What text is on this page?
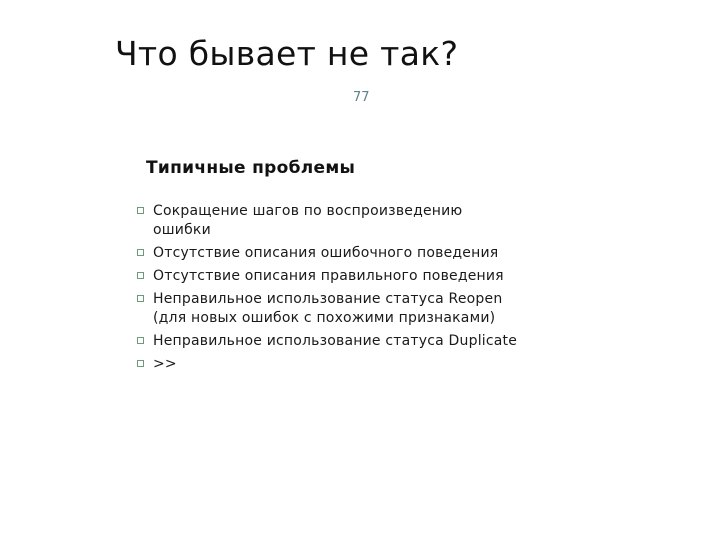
Что бывает не так?
77
Типичные проблемы
Сокращение шагов по воспроизведению
ошибки
Отсутствие описания ошибочного поведения
Отсутствие описания правильного поведения
Неправильное использование статуса Reopen
(для новых ошибок с похожими признаками)
Неправильное использование статуса Duplicate
>>
